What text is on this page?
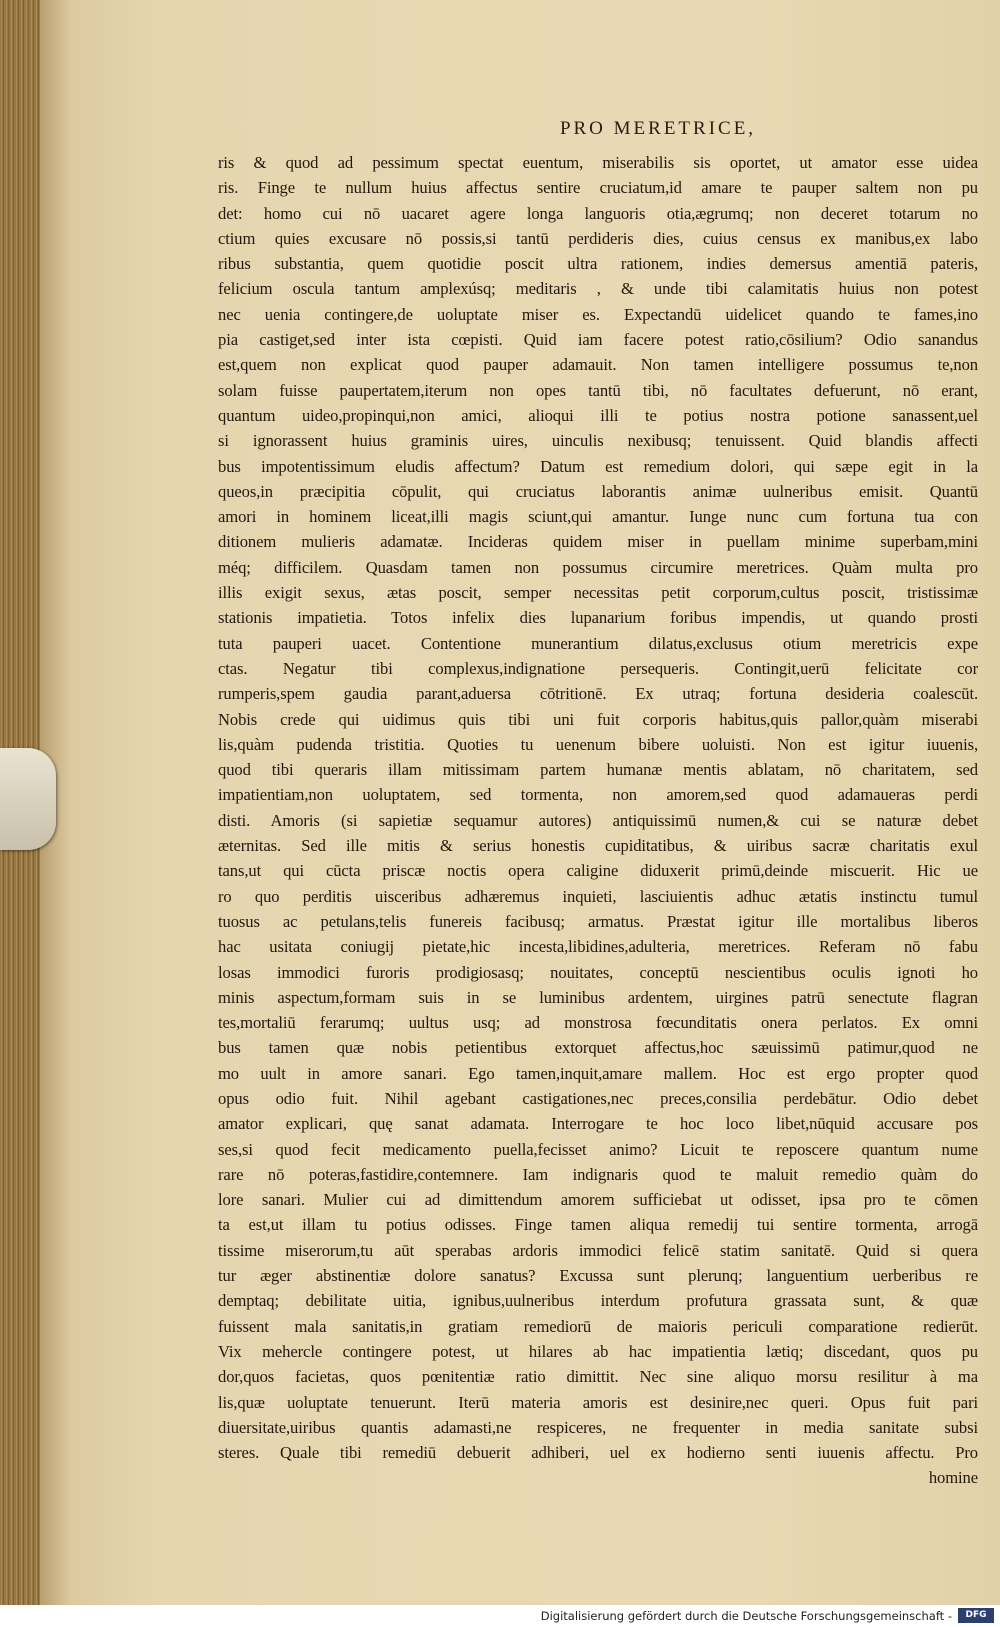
PRO MERETRICE,
ris & quod ad pessimum spectat euentum, miserabilis sis oportet, ut amator esse uidea
ris. Finge te nullum huius affectus sentire cruciatum,id amare te pauper saltem non pu
det: homo cui nō uacaret agere longa languoris otia,ægrumq; non deceret totarum no
ctium quies excusare nō possis,si tantū perdideris dies, cuius census ex manibus,ex labo
ribus substantia, quem quotidie poscit ultra rationem, indies demersus amentiā pateris,
felicium oscula tantum amplexúsq; meditaris , & unde tibi calamitatis huius non potest
nec uenia contingere,de uoluptate miser es. Expectandū uidelicet quando te fames,ino
pia castiget,sed inter ista cœpisti. Quid iam facere potest ratio,cōsilium? Odio sanandus
est,quem non explicat quod pauper adamauit. Non tamen intelligere possumus te,non
solam fuisse paupertatem,iterum non opes tantū tibi, nō facultates defuerunt, nō erant,
quantum uideo,propinqui,non amici, alioqui illi te potius nostra potione sanassent,uel
si ignorassent huius graminis uires, uinculis nexibusq; tenuissent. Quid blandis affecti
bus impotentissimum eludis affectum? Datum est remedium dolori, qui sæpe egit in la
queos,in præcipitia cōpulit, qui cruciatus laborantis animæ uulneribus emisit. Quantū
amori in hominem liceat,illi magis sciunt,qui amantur. Iunge nunc cum fortuna tua con
ditionem mulieris adamatæ. Incideras quidem miser in puellam minime superbam,mini
méq; difficilem. Quasdam tamen non possumus circumire meretrices. Quàm multa pro
illis exigit sexus, ætas poscit, semper necessitas petit corporum,cultus poscit, tristissimæ
stationis impatietia. Totos infelix dies lupanarium foribus impendis, ut quando prosti
tuta pauperi uacet. Contentione munerantium dilatus,exclusus otium meretricis expe
ctas. Negatur tibi complexus,indignatione persequeris. Contingit,uerū felicitate cor
rumperis,spem gaudia parant,aduersa cōtritionē. Ex utraq; fortuna desideria coalescūt.
Nobis crede qui uidimus quis tibi uni fuit corporis habitus,quis pallor,quàm miserabi
lis,quàm pudenda tristitia. Quoties tu uenenum bibere uoluisti. Non est igitur iuuenis,
quod tibi queraris illam mitissimam partem humanæ mentis ablatam, nō charitatem, sed
impatientiam,non uoluptatem, sed tormenta, non amorem,sed quod adamaueras perdi
disti. Amoris (si sapietiæ sequamur autores) antiquissimū numen,& cui se naturæ debet
æternitas. Sed ille mitis & serius honestis cupiditatibus, & uiribus sacræ charitatis exul
tans,ut qui cūcta priscæ noctis opera caligine diduxerit primū,deinde miscuerit. Hic ue
ro quo perditis uisceribus adhæremus inquieti, lasciuientis adhuc ætatis instinctu tumul
tuosus ac petulans,telis funereis facibusq; armatus. Præstat igitur ille mortalibus liberos
hac usitata coniugij pietate,hic incesta,libidines,adulteria, meretrices. Referam nō fabu
losas immodici furoris prodigiosasq; nouitates, conceptū nescientibus oculis ignoti ho
minis aspectum,formam suis in se luminibus ardentem, uirgines patrū senectute flagran
tes,mortaliū ferarumq; uultus usq; ad monstrosa fœcunditatis onera perlatos. Ex omni
bus tamen quæ nobis petientibus extorquet affectus,hoc sæuissimū patimur,quod ne
mo uult in amore sanari. Ego tamen,inquit,amare mallem. Hoc est ergo propter quod
opus odio fuit. Nihil agebant castigationes,nec preces,consilia perdebātur. Odio debet
amator explicari, quę sanat adamata. Interrogare te hoc loco libet,nūquid accusare pos
ses,si quod fecit medicamento puella,fecisset animo? Licuit te reposcere quantum nume
rare nō poteras,fastidire,contemnere. Iam indignaris quod te maluit remedio quàm do
lore sanari. Mulier cui ad dimittendum amorem sufficiebat ut odisset, ipsa pro te cōmen
ta est,ut illam tu potius odisses. Finge tamen aliqua remedij tui sentire tormenta, arrogā
tissime miserorum,tu aūt sperabas ardoris immodici felicē statim sanitatē. Quid si quera
tur æger abstinentiæ dolore sanatus? Excussa sunt plerunq; languentium uerberibus re
demptaq; debilitate uitia, ignibus,uulneribus interdum profutura grassata sunt, & quæ
fuissent mala sanitatis,in gratiam remediorū de maioris periculi comparatione redierūt.
Vix mehercle contingere potest, ut hilares ab hac impatientia lætiq; discedant, quos pu
dor,quos facietas, quos pœnitentiæ ratio dimittit. Nec sine aliquo morsu resilitur à ma
lis,quæ uoluptate tenuerunt. Iterū materia amoris est desinire,nec queri. Opus fuit pari
diuersitate,uiribus quantis adamasti,ne respiceres, ne frequenter in media sanitate subsi
steres. Quale tibi remediū debuerit adhiberi, uel ex hodierno senti iuuenis affectu. Pro
homine
Digitalisierung gefördert durch die Deutsche Forschungsgemeinschaft -	DFG
